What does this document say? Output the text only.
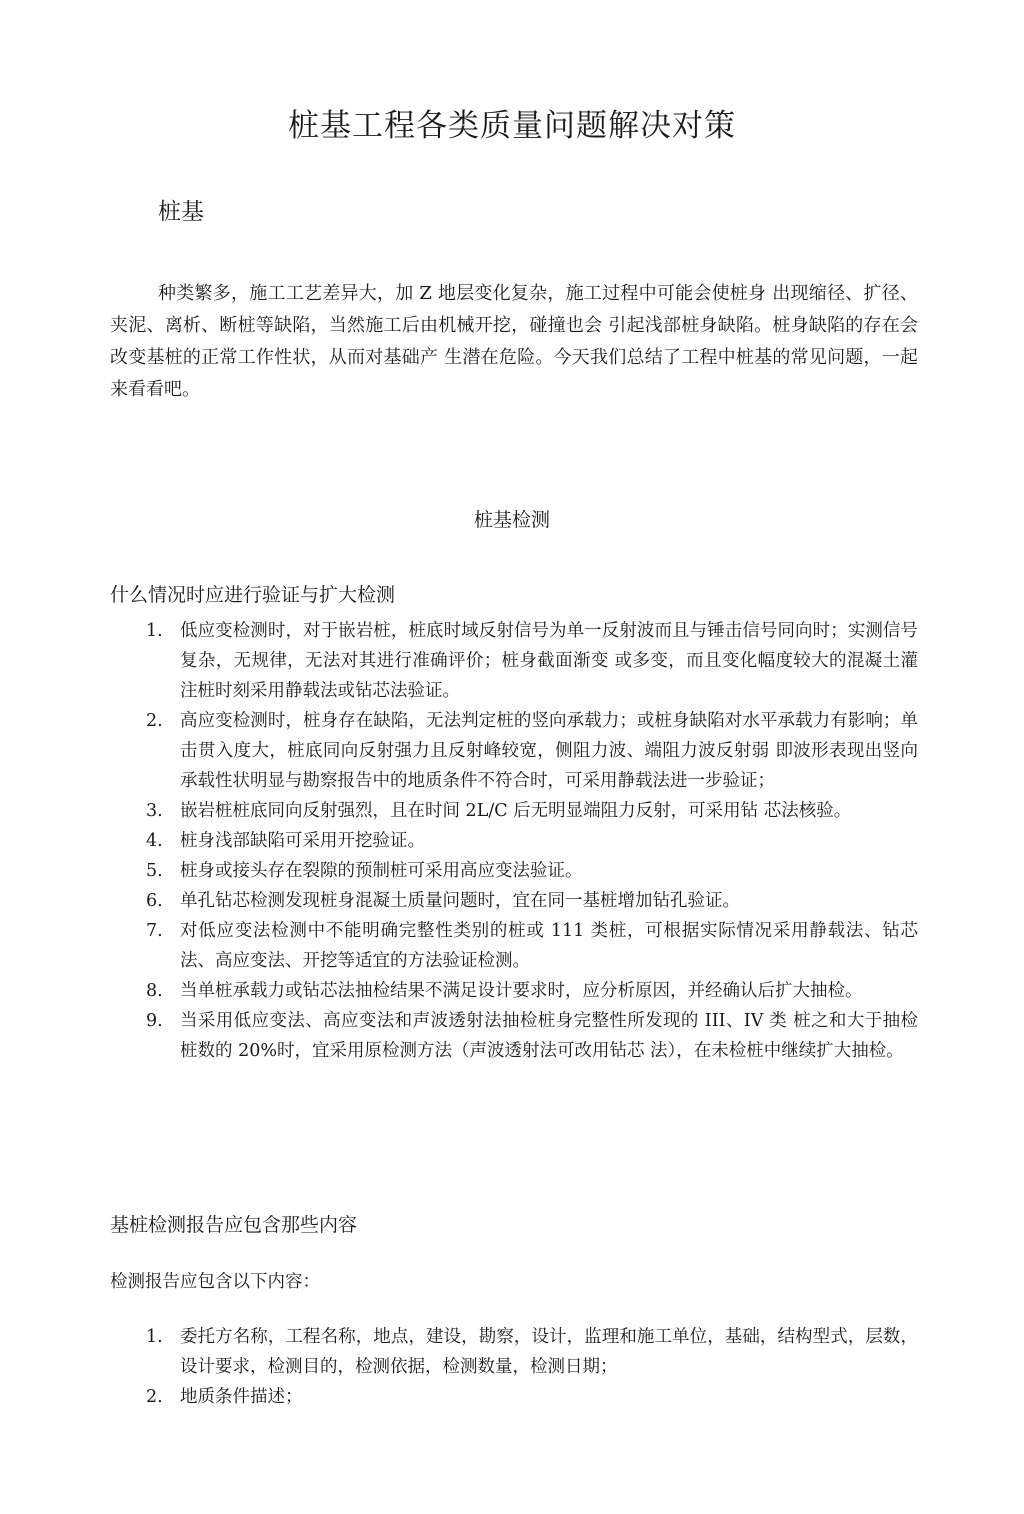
桩基工程各类质量问题解决对策
桩基

种类繁多，施工工艺差异大，加 Z 地层变化复杂，施工过程中可能会使桩身 出现缩径、扩径、夹泥、离析、断桩等缺陷，当然施工后由机械开挖，碰撞也会 引起浅部桩身缺陷。桩身缺陷的存在会改变基桩的正常工作性状，从而对基础产 生潜在危险。今天我们总结了工程中桩基的常见问题，一起来看看吧。

桩基检测
什么情况时应进行验证与扩大检测
1. 低应变检测时，对于嵌岩桩，桩底时域反射信号为单一反射波而且与锤击信号同向时；实测信号复杂，无规律，无法对其进行准确评价；桩身截面渐变 或多变，而且变化幅度较大的混凝土灌注桩时刻采用静载法或钻芯法验证。
2. 高应变检测时，桩身存在缺陷，无法判定桩的竖向承载力；或桩身缺陷对水平承载力有影响；单击贯入度大，桩底同向反射强力且反射峰较宽，侧阻力波、端阻力波反射弱 即波形表现出竖向承载性状明显与勘察报告中的地质条件不符合时，可采用静载法进一步验证；
3. 嵌岩桩桩底同向反射强烈，且在时间 2L/C 后无明显端阻力反射，可采用钻 芯法核验。
4. 桩身浅部缺陷可采用开挖验证。
5. 桩身或接头存在裂隙的预制桩可采用高应变法验证。
6. 单孔钻芯检测发现桩身混凝土质量问题时，宜在同一基桩增加钻孔验证。
7. 对低应变法检测中不能明确完整性类别的桩或 111 类桩，可根据实际情况采用静载法、钻芯法、高应变法、开挖等适宜的方法验证检测。
8. 当单桩承载力或钻芯法抽检结果不满足设计要求时，应分析原因，并经确认后扩大抽检。
9. 当采用低应变法、高应变法和声波透射法抽检桩身完整性所发现的 III、IV 类 桩之和大于抽检桩数的 20%时，宜采用原检测方法（声波透射法可改用钻芯 法），在未检桩中继续扩大抽检。
基桩检测报告应包含那些内容

检测报告应包含以下内容：

1. 委托方名称，工程名称，地点，建设，勘察，设计，监理和施工单位，基础，结构型式，层数，设计要求，检测目的，检测依据，检测数量，检测日期；
2. 地质条件描述；
